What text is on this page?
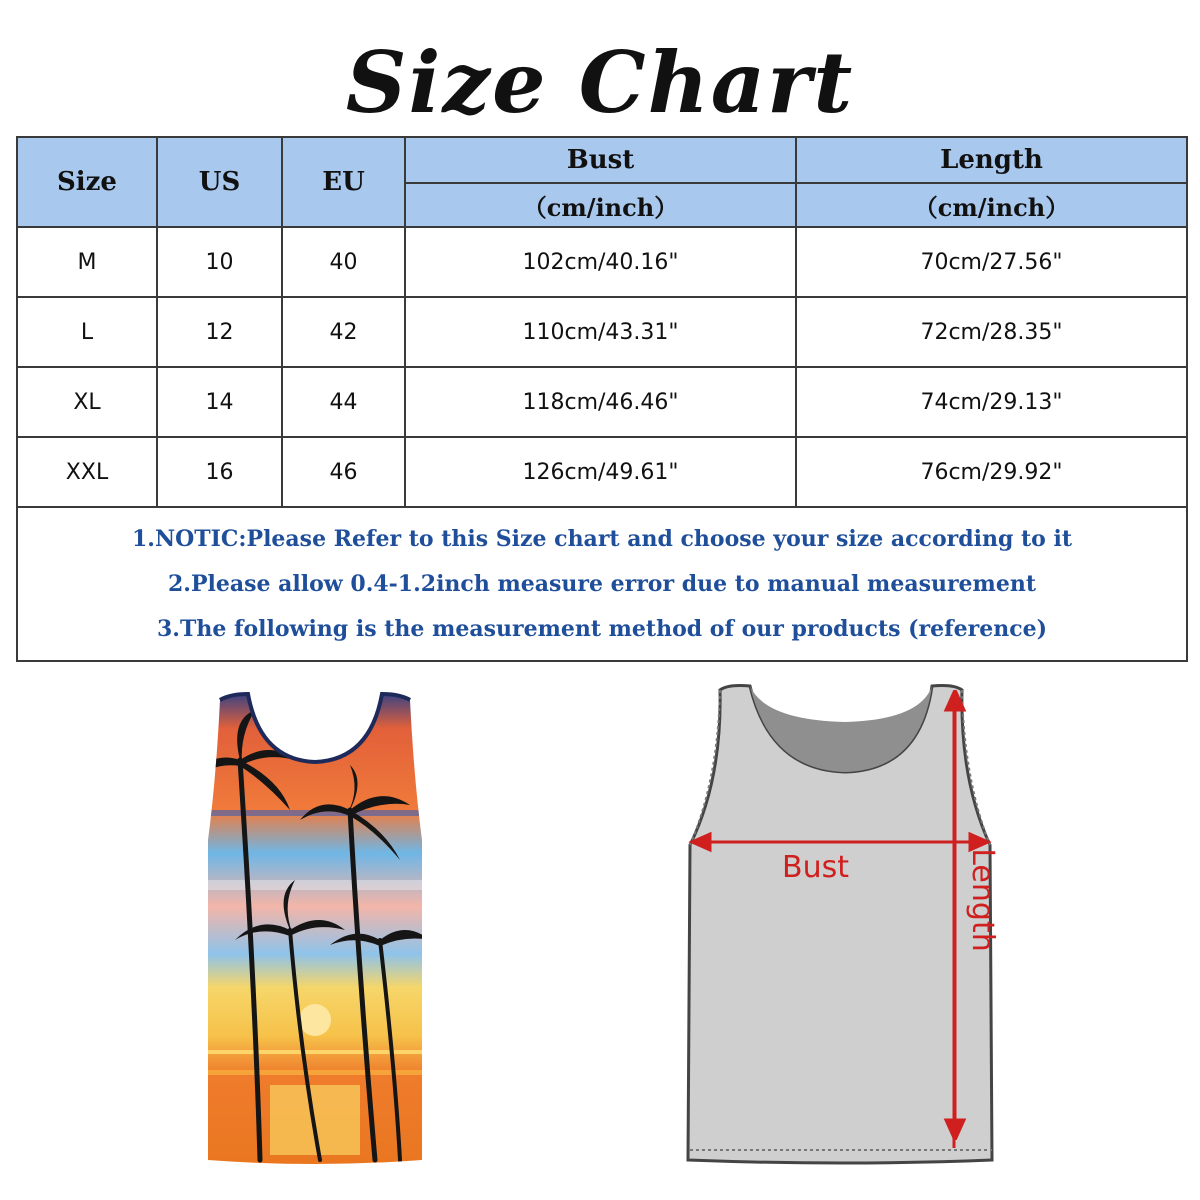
Size Chart
Size	US	EU	Bust	Length
			（cm/inch）	（cm/inch）
M	10	40	102cm/40.16"	70cm/27.56"
L	12	42	110cm/43.31"	72cm/28.35"
XL	14	44	118cm/46.46"	74cm/29.13"
XXL	16	46	126cm/49.61"	76cm/29.92"

1.NOTIC:Please Refer to this Size chart and choose your size according to it
2.Please allow 0.4-1.2inch measure error due to manual measurement
3.The following is the measurement method of our products (reference)				
Bust	Length
